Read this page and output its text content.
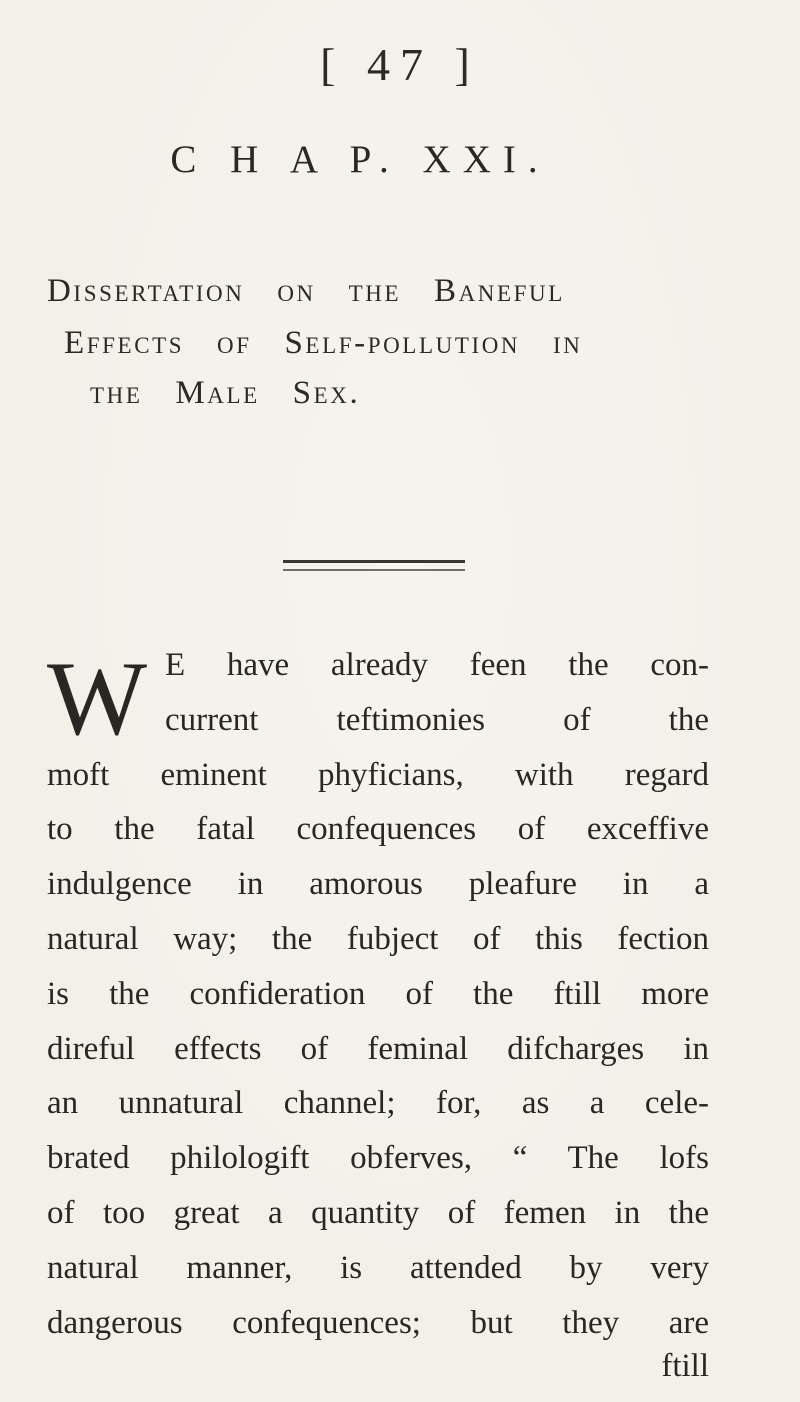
[ 47 ]
C H A P. XXI.
Dissertation on the Baneful
Effects of Self-pollution in
the Male Sex.
W E have already feen the con-
current teftimonies of the
moft eminent phyficians, with regard
to the fatal confequences of exceffive
indulgence in amorous pleafure in a
natural way; the fubject of this fection
is the confideration of the ftill more
direful effects of feminal difcharges in
an unnatural channel; for, as a cele-
brated philologift obferves, “ The lofs
of too great a quantity of femen in the
natural manner, is attended by very
dangerous confequences; but they are
ftill
